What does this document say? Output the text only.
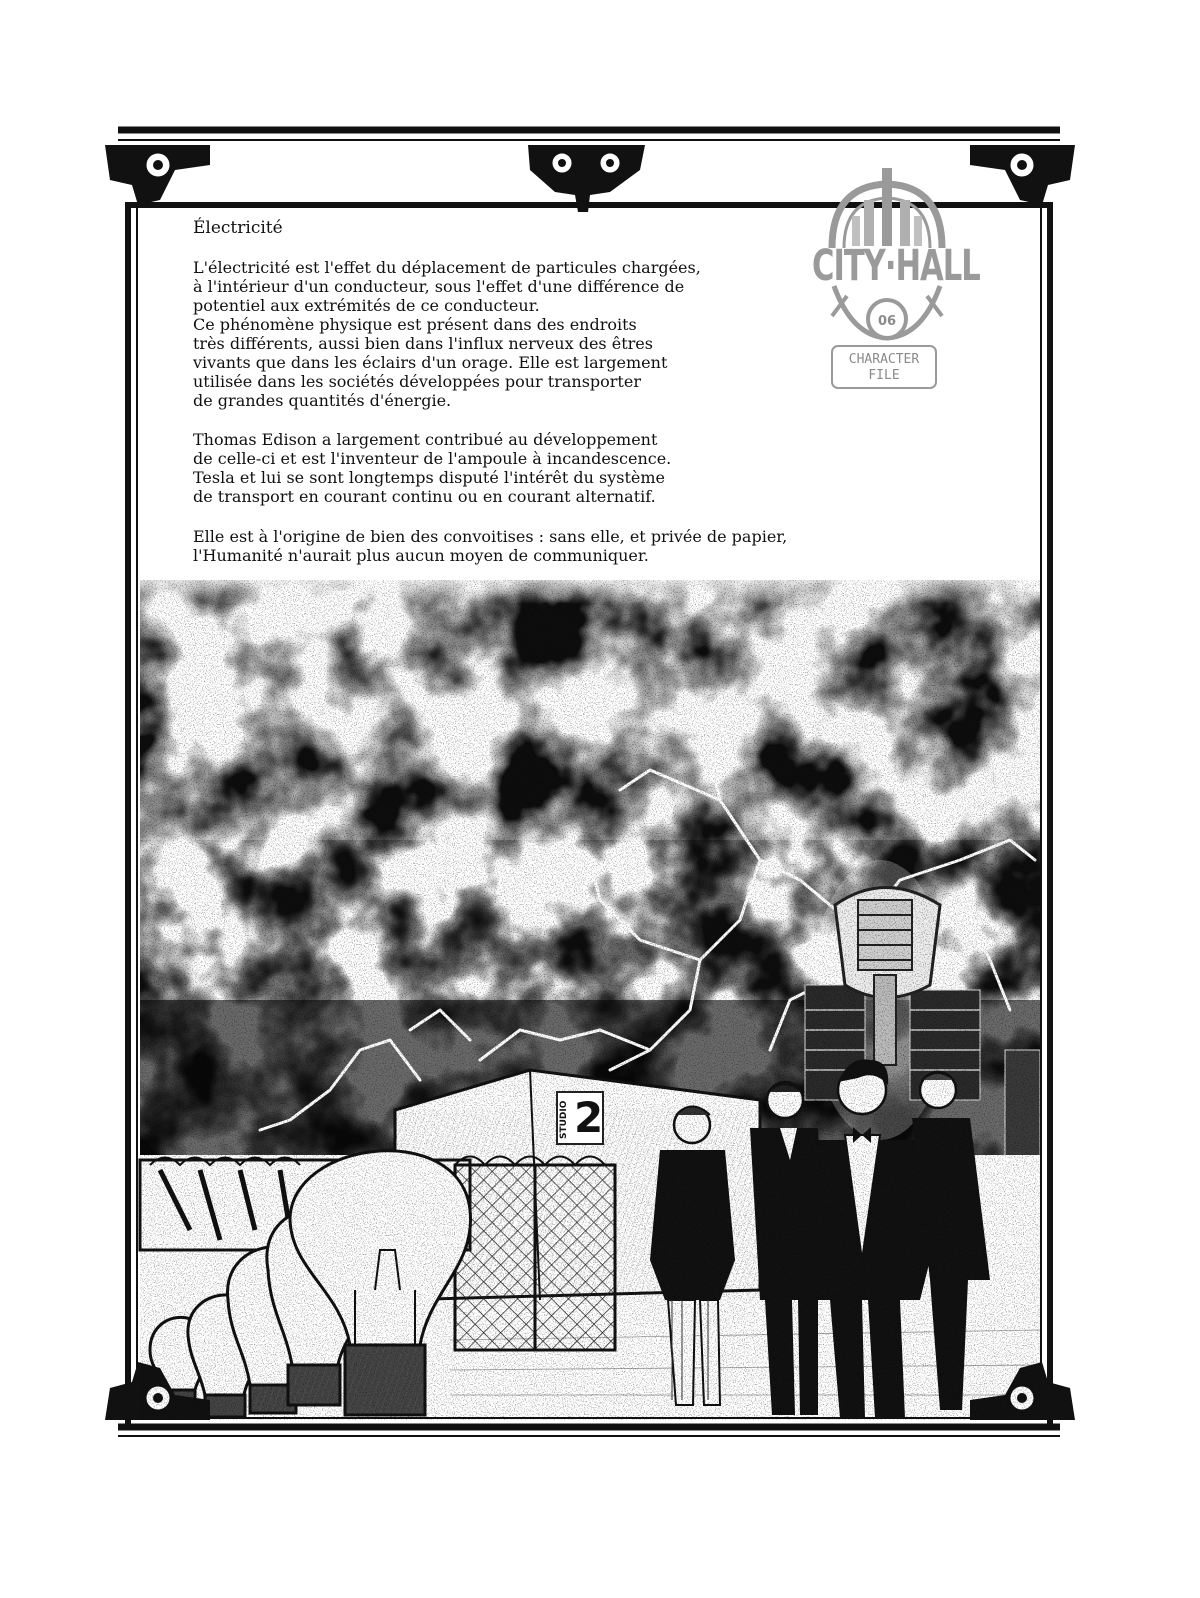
CITY·HALL
06
CHARACTER
FILE
Électricité
L'électricité est l'effet du déplacement de particules chargées,
à l'intérieur d'un conducteur, sous l'effet d'une différence de
potentiel aux extrémités de ce conducteur.
Ce phénomène physique est présent dans des endroits
très différents, aussi bien dans l'influx nerveux des êtres
vivants que dans les éclairs d'un orage. Elle est largement
utilisée dans les sociétés développées pour transporter
de grandes quantités d'énergie.
Thomas Edison a largement contribué au développement
de celle-ci et est l'inventeur de l'ampoule à incandescence.
Tesla et lui se sont longtemps disputé l'intérêt du système
de transport en courant continu ou en courant alternatif.
Elle est à l'origine de bien des convoitises : sans elle, et privée de papier,
l'Humanité n'aurait plus aucun moyen de communiquer.
STUDIO 2
